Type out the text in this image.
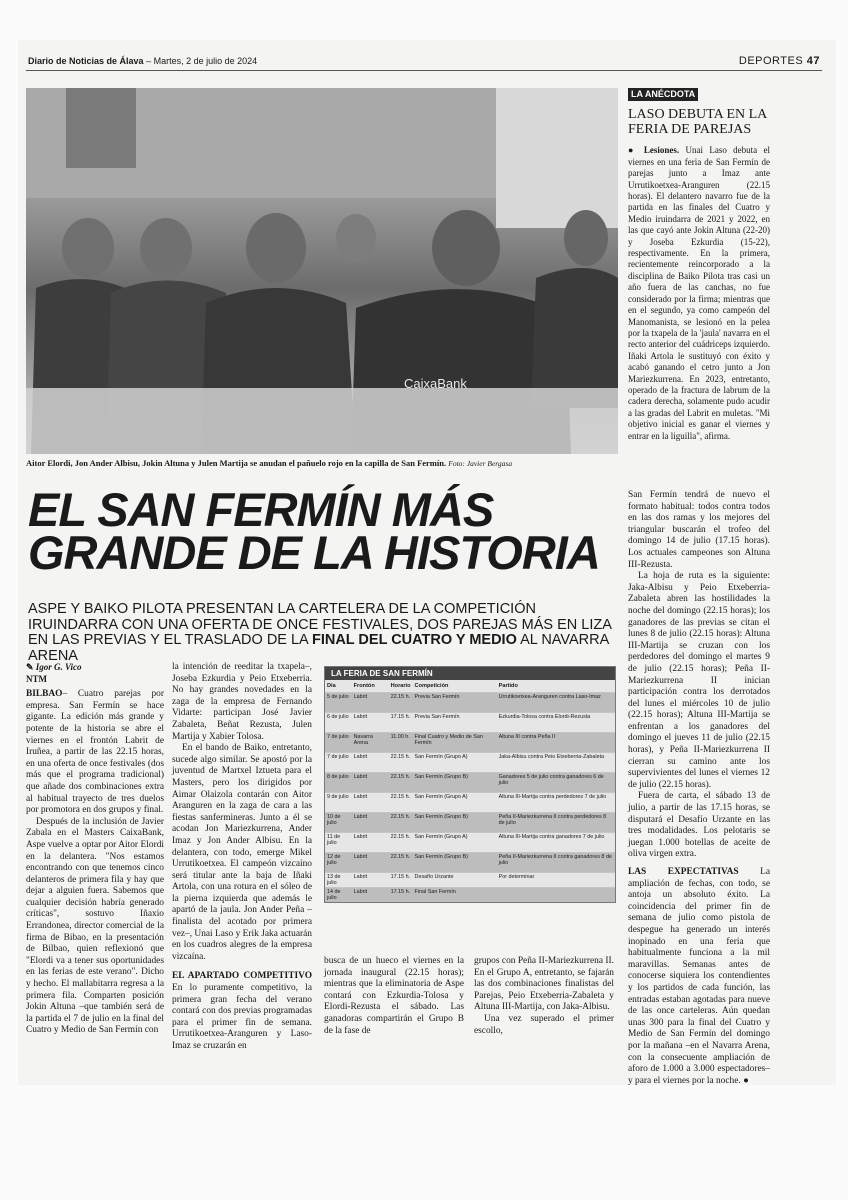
Diario de Noticias de Álava – Martes, 2 de julio de 2024	DEPORTES 47
CaixaBank
Aitor Elordi, Jon Ander Albisu, Jokin Altuna y Julen Martija se anudan el pañuelo rojo en la capilla de San Fermín. Foto: Javier Bergasa
LA ANÉCDOTA
LASO DEBUTA EN LA FERIA DE PAREJAS

● Lesiones. Unai Laso debuta el viernes en una feria de San Fermín de parejas junto a Imaz ante Urrutikoetxea-Aranguren (22.15 horas). El delantero navarro fue de la partida en las finales del Cuatro y Medio iruindarra de 2021 y 2022, en las que cayó ante Jokin Altuna (22-20) y Joseba Ezkurdia (15-22), respectivamente. En la primera, recientemente reincorporado a la disciplina de Baiko Pilota tras casi un año fuera de las canchas, no fue considerado por la firma; mientras que en el segundo, ya como campeón del Manomanista, se lesionó en la pelea por la txapela de la 'jaula' navarra en el recto anterior del cuádriceps izquierdo. Iñaki Artola le sustituyó con éxito y acabó ganando el cetro junto a Jon Mariezkurrena. En 2023, entretanto, operado de la fractura de labrum de la cadera derecha, solamente pudo acudir a las gradas del Labrit en muletas. "Mi objetivo inicial es ganar el viernes y entrar en la liguilla", afirma.

EL SAN FERMÍN MÁS
GRANDE DE LA HISTORIA
ASPE Y BAIKO PILOTA PRESENTAN LA CARTELERA DE LA COMPETICIÓN IRUINDARRA CON UNA OFERTA DE ONCE FESTIVALES, DOS PAREJAS MÁS EN LIZA EN LAS PREVIAS Y EL TRASLADO DE LA FINAL DEL CUATRO Y MEDIO AL NAVARRA ARENA

✎ Igor G. Vico

NTM

BILBAO– Cuatro parejas por empresa. San Fermín se hace gigante. La edición más grande y potente de la historia se abre el viernes en el frontón Labrit de Iruñea, a partir de las 22.15 horas, en una oferta de once festivales (dos más que el programa tradicional) que añade dos combinaciones extra al habitual trayecto de tres duelos por promotora en dos grupos y final.

Después de la inclusión de Javier Zabala en el Masters CaixaBank, Aspe vuelve a optar por Aitor Elordi en la delantera. "Nos estamos encontrando con que tenemos cinco delanteros de primera fila y hay que dejar a alguien fuera. Sabemos que cualquier decisión habría generado críticas", sostuvo Iñaxio Errandonea, director comercial de la firma de Bibao, en la presentación de Bilbao, quien reflexionó que "Elordi va a tener sus oportunidades en las ferias de este verano". Dicho y hecho. El mallabitarra regresa a la primera fila. Comparten posición Jokin Altuna –que también será de la partida el 7 de julio en la final del Cuatro y Medio de San Fermín con

la intención de reeditar la txapela–, Joseba Ezkurdia y Peio Etxeberria. No hay grandes novedades en la zaga de la empresa de Fernando Vidarte: participan José Javier Zabaleta, Beñat Rezusta, Julen Martija y Xabier Tolosa.

En el bando de Baiko, entretanto, sucede algo similar. Se apostó por la juventud de Martxel Iztueta para el Masters, pero los dirigidos por Aimar Olaizola contarán con Aitor Aranguren en la zaga de cara a las fiestas sanfermineras. Junto a él se acodan Jon Mariezkurrena, Ander Imaz y Jon Ander Albisu. En la delantera, con todo, emerge Mikel Urrutikoetxea. El campeón vizcaíno será titular ante la baja de Iñaki Artola, con una rotura en el sóleo de la pierna izquierda que además le apartó de la jaula. Jon Ander Peña –finalista del acotado por primera vez–, Unai Laso y Erik Jaka actuarán en los cuadros alegres de la empresa vizcaína.

EL APARTADO COMPETITIVO En lo puramente competitivo, la primera gran fecha del verano contará con dos previas programadas para el primer fin de semana. Urrutikoetxea-Aranguren y Laso-Imaz se cruzarán en

LA FERIA DE SAN FERMÍN
Día	Frontón	Horario	Competición	Partido
5 de julio	Labrit	22.15 h.	Previa San Fermín	Urrutikoetxea-Aranguren contra Laso-Imaz
6 de julio	Labrit	17.15 h.	Previa San Fermín	Ezkurdia-Tolosa contra Elordi-Rezusta
7 de julio	Navarra Arena	11.00 h.	Final Cuatro y Medio de San Fermín	Altuna III contra Peña II
7 de julio	Labrit	22.15 h.	San Fermín (Grupo A)	Jaka-Albisu contra Peio Etxeberria-Zabaleta
8 de julio	Labrit	22.15 h.	San Fermín (Grupo B)	Ganadores 5 de julio contra ganadores 6 de julio
9 de julio	Labrit	22.15 h.	San Fermín (Grupo A)	Altuna III-Martija contra perdedores 7 de julio
10 de julio	Labrit	22.15 h.	San Fermín (Grupo B)	Peña II-Mariezkurrena II contra perdedores 8 de julio
11 de julio	Labrit	22.15 h.	San Fermín (Grupo A)	Altuna III-Martija contra ganadores 7 de julio
12 de julio	Labrit	22.15 h.	San Fermín (Grupo B)	Peña II-Mariezkurrena II contra ganadores 8 de julio
13 de julio	Labrit	17.15 h.	Desafío Urzante	Por determinar
14 de julio	Labrit	17.15 h.	Final San Fermín	

busca de un hueco el viernes en la jornada inaugural (22.15 horas); mientras que la eliminatoria de Aspe contará con Ezkurdia-Tolosa y Elordi-Rezusta el sábado. Las ganadoras compartirán el Grupo B de la fase de

grupos con Peña II-Mariezkurrena II. En el Grupo A, entretanto, se fajarán las dos combinaciones finalistas del Parejas, Peio Etxeberria-Zabaleta y Altuna III-Martija, con Jaka-Albisu.

Una vez superado el primer escollo,

San Fermín tendrá de nuevo el formato habitual: todos contra todos en las dos ramas y los mejores del triangular buscarán el trofeo del domingo 14 de julio (17.15 horas). Los actuales campeones son Altuna III-Rezusta.

La hoja de ruta es la siguiente: Jaka-Albisu y Peio Etxeberria-Zabaleta abren las hostilidades la noche del domingo (22.15 horas); los ganadores de las previas se citan el lunes 8 de julio (22.15 horas): Altuna III-Martija se cruzan con los perdedores del domingo el martes 9 de julio (22.15 horas); Peña II-Mariezkurrena II inician participación contra los derrotados del lunes el miércoles 10 de julio (22.15 horas); Altuna III-Martija se enfrentan a los ganadores del domingo el jueves 11 de julio (22.15 horas), y Peña II-Mariezkurrena II cierran su camino ante los supervivientes del lunes el viernes 12 de julio (22.15 horas).

Fuera de carta, el sábado 13 de julio, a partir de las 17.15 horas, se disputará el Desafío Urzante en las tres modalidades. Los pelotaris se juegan 1.000 botellas de aceite de oliva virgen extra.

LAS EXPECTATIVAS La ampliación de fechas, con todo, se antoja un absoluto éxito. La coincidencia del primer fin de semana de julio como pistola de despegue ha generado un interés inopinado en una feria que habitualmente funciona a la mil maravillas. Semanas antes de conocerse siquiera los contendientes y los partidos de cada función, las entradas estaban agotadas para nueve de las once carteleras. Aún quedan unas 300 para la final del Cuatro y Medio de San Fermín del domingo por la mañana –en el Navarra Arena, con la consecuente ampliación de aforo de 1.000 a 3.000 espectadores– y para el viernes por la noche. ●
